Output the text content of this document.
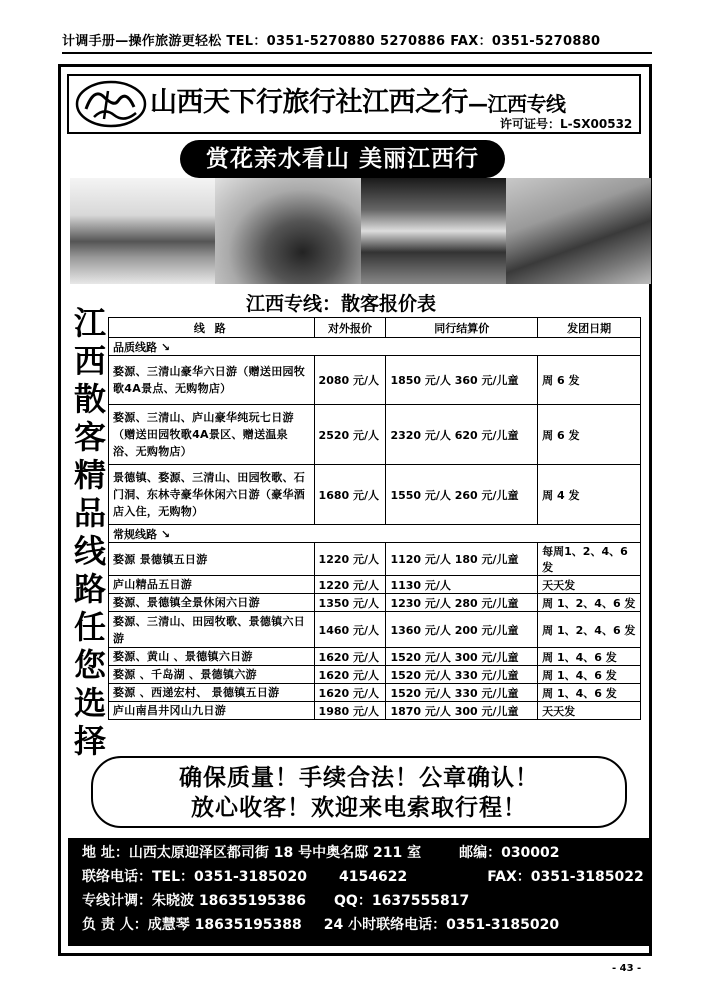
计调手册—操作旅游更轻松 TEL：0351-5270880 5270886 FAX：0351-5270880
山西天下行旅行社江西之行—江西专线
许可证号：L-SX00532
赏花亲水看山 美丽江西行
江
西
散
客
精
品
线
路
任
您
选
择
江西专线：散客报价表
线 路	对外报价	同行结算价	发团日期
品质线路 ↘			
婺源、三清山豪华六日游（赠送田园牧歌4A景点、无购物店）	2080 元/人	1850 元/人 360 元/儿童	周 6 发
婺源、三清山、庐山豪华纯玩七日游（赠送田园牧歌4A景区、赠送温泉浴、无购物店）	2520 元/人	2320 元/人 620 元/儿童	周 6 发
景德镇、婺源、三清山、田园牧歌、石门洞、东林寺豪华休闲六日游（豪华酒店入住，无购物）	1680 元/人	1550 元/人 260 元/儿童	周 4 发
常规线路 ↘			
婺源 景德镇五日游	1220 元/人	1120 元/人 180 元/儿童	每周1、2、4、6发
庐山精品五日游	1220 元/人	1130 元/人	天天发
婺源、景德镇全景休闲六日游	1350 元/人	1230 元/人 280 元/儿童	周 1、2、4、6 发
婺源、三清山、田园牧歌、景德镇六日游	1460 元/人	1360 元/人 200 元/儿童	周 1、2、4、6 发
婺源、黄山 、景德镇六日游	1620 元/人	1520 元/人 300 元/儿童	周 1、4、6 发
婺源 、千岛湖 、景德镇六游	1620 元/人	1520 元/人 330 元/儿童	周 1、4、6 发
婺源 、西递宏村、 景德镇五日游	1620 元/人	1520 元/人 330 元/儿童	周 1、4、6 发
庐山南昌井冈山九日游	1980 元/人	1870 元/人 300 元/儿童	天天发
确保质量！手续合法！公章确认！
放心收客！欢迎来电索取行程！
地 址：山西太原迎泽区都司街 18 号中奥名邸 211 室	邮编：030002
联络电话：TEL：0351-3185020 4154622	FAX：0351-3185022
专线计调：朱晓波 18635195386 QQ：1637555817
负 责 人：成慧琴 18635195388 24 小时联络电话：0351-3185020
- 43 -
